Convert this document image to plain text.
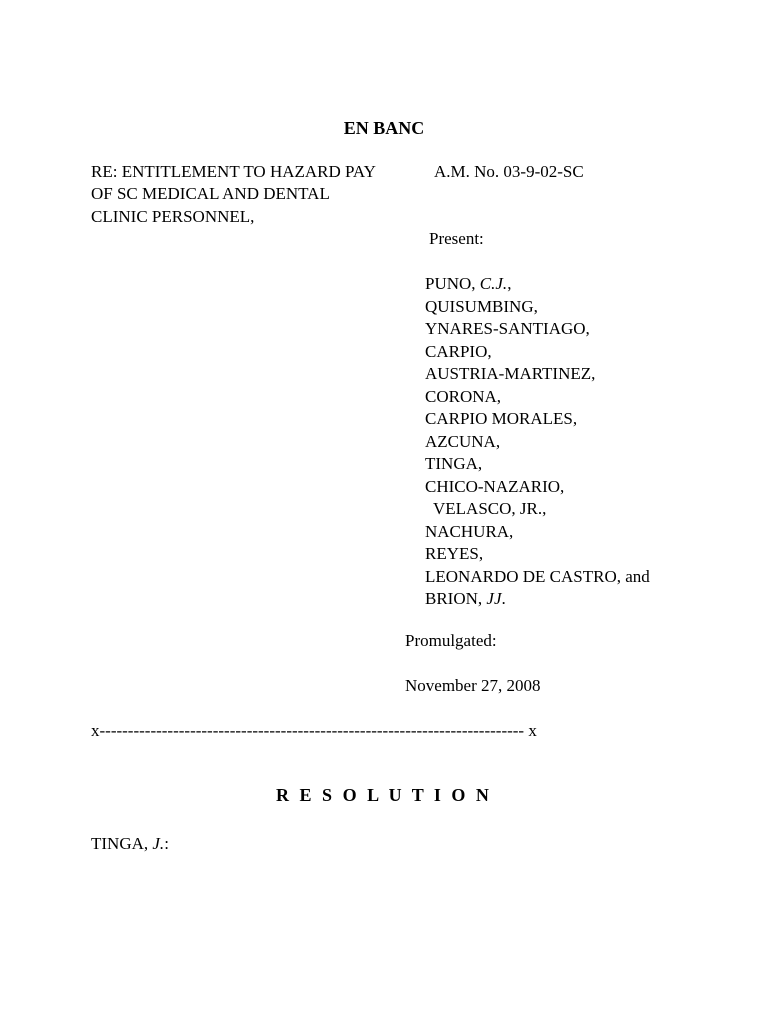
EN BANC
RE: ENTITLEMENT TO HAZARD PAY	A.M. No. 03-9-02-SC
OF SC MEDICAL AND DENTAL
CLINIC PERSONNEL,
Present:
PUNO, C.J.,
QUISUMBING,
YNARES-SANTIAGO,
CARPIO,
AUSTRIA-MARTINEZ,
CORONA,
CARPIO MORALES,
AZCUNA,
TINGA,
CHICO-NAZARIO,
VELASCO, JR.,
NACHURA,
REYES,
LEONARDO DE CASTRO, and
BRION, JJ.
Promulgated:
November 27, 2008
x--------------------------------------------------------------------------- x
R E S O L U T I O N
TINGA, J.:
